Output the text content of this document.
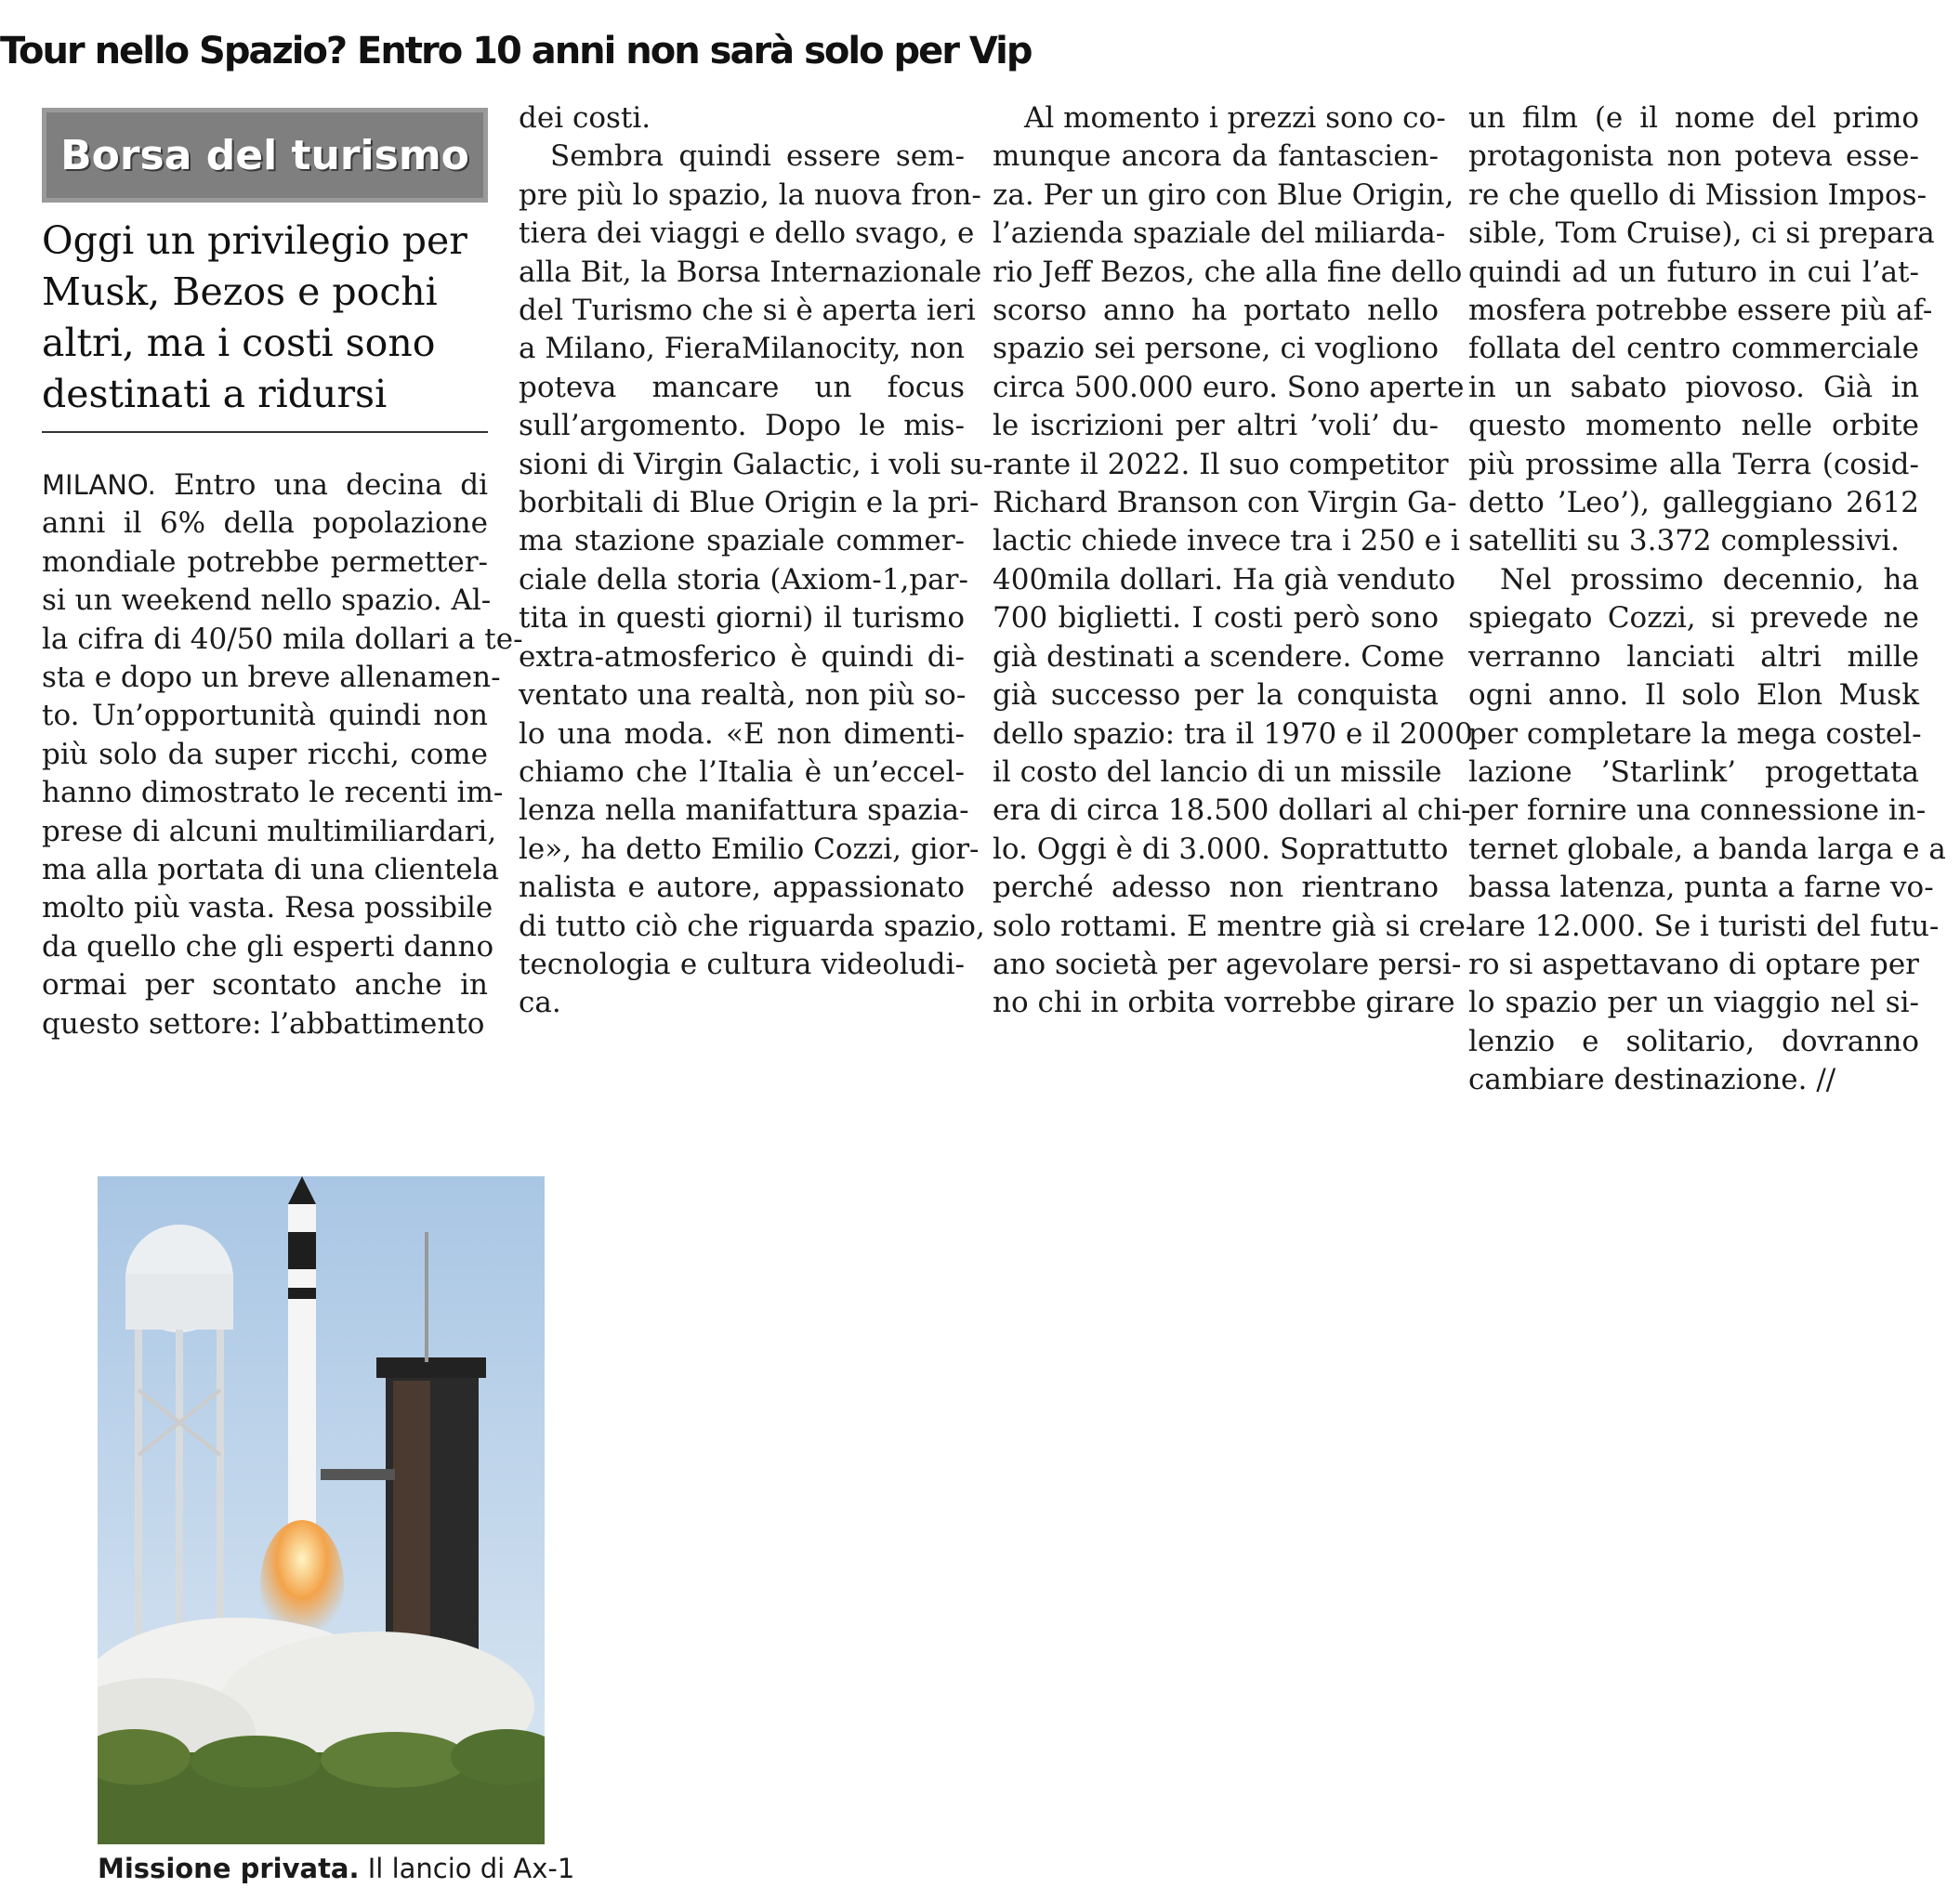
Tour nello Spazio? Entro 10 anni non sarà solo per Vip
Borsa del turismo
Oggi un privilegio per
Musk, Bezos e pochi
altri, ma i costi sono
destinati a ridursi
MILANO. Entro una decina di
anni il 6% della popolazione
mondiale potrebbe permetter-
si un weekend nello spazio. Al-
la cifra di 40/50 mila dollari a te-
sta e dopo un breve allenamen-
to. Un’opportunità quindi non
più solo da super ricchi, come
hanno dimostrato le recenti im-
prese di alcuni multimiliardari,
ma alla portata di una clientela
molto più vasta. Resa possibile
da quello che gli esperti danno
ormai per scontato anche in
questo settore: l’abbattimento
dei costi.
Sembra quindi essere sem-
pre più lo spazio, la nuova fron-
tiera dei viaggi e dello svago, e
alla Bit, la Borsa Internazionale
del Turismo che si è aperta ieri
a Milano, FieraMilanocity, non
poteva mancare un focus
sull’argomento. Dopo le mis-
sioni di Virgin Galactic, i voli su-
borbitali di Blue Origin e la pri-
ma stazione spaziale commer-
ciale della storia (Axiom-1,par-
tita in questi giorni) il turismo
extra-atmosferico è quindi di-
ventato una realtà, non più so-
lo una moda. «E non dimenti-
chiamo che l’Italia è un’eccel-
lenza nella manifattura spazia-
le», ha detto Emilio Cozzi, gior-
nalista e autore, appassionato
di tutto ciò che riguarda spazio,
tecnologia e cultura videoludi-
ca.
Al momento i prezzi sono co-
munque ancora da fantascien-
za. Per un giro con Blue Origin,
l’azienda spaziale del miliarda-
rio Jeff Bezos, che alla fine dello
scorso anno ha portato nello
spazio sei persone, ci vogliono
circa 500.000 euro. Sono aperte
le iscrizioni per altri ’voli’ du-
rante il 2022. Il suo competitor
Richard Branson con Virgin Ga-
lactic chiede invece tra i 250 e i
400mila dollari. Ha già venduto
700 biglietti. I costi però sono
già destinati a scendere. Come
già successo per la conquista
dello spazio: tra il 1970 e il 2000
il costo del lancio di un missile
era di circa 18.500 dollari al chi-
lo. Oggi è di 3.000. Soprattutto
perché adesso non rientrano
solo rottami. E mentre già si cre-
ano società per agevolare persi-
no chi in orbita vorrebbe girare
un film (e il nome del primo
protagonista non poteva esse-
re che quello di Mission Impos-
sible, Tom Cruise), ci si prepara
quindi ad un futuro in cui l’at-
mosfera potrebbe essere più af-
follata del centro commerciale
in un sabato piovoso. Già in
questo momento nelle orbite
più prossime alla Terra (cosid-
detto ’Leo’), galleggiano 2612
satelliti su 3.372 complessivi.
Nel prossimo decennio, ha
spiegato Cozzi, si prevede ne
verranno lanciati altri mille
ogni anno. Il solo Elon Musk
per completare la mega costel-
lazione ’Starlink’ progettata
per fornire una connessione in-
ternet globale, a banda larga e a
bassa latenza, punta a farne vo-
lare 12.000. Se i turisti del futu-
ro si aspettavano di optare per
lo spazio per un viaggio nel si-
lenzio e solitario, dovranno
cambiare destinazione. //

Missione privata. Il lancio di Ax-1
